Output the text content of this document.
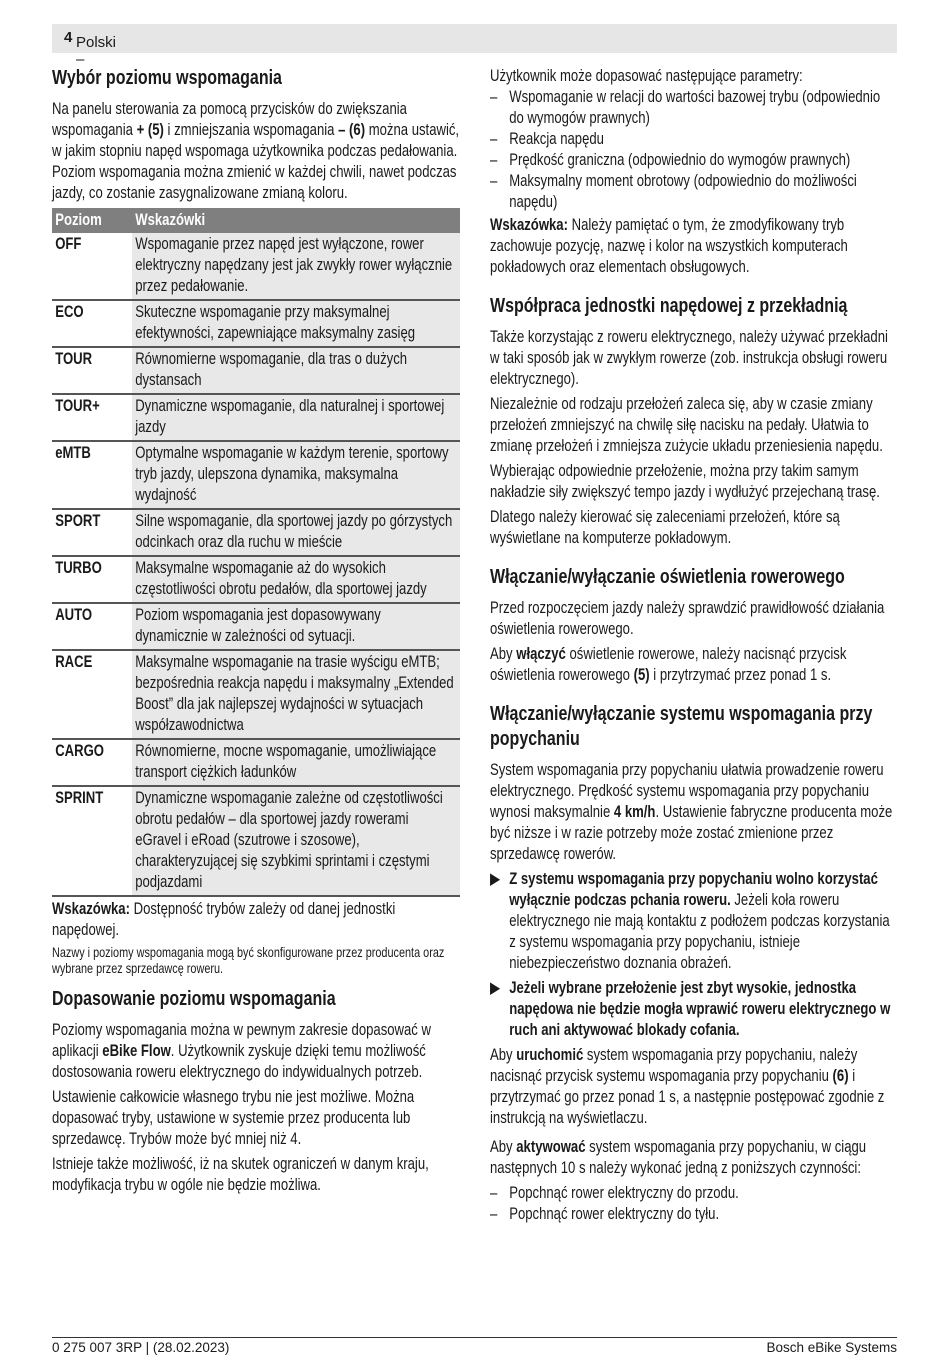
Polski –
4
Wybór poziomu wspomagania

Na panelu sterowania za pomocą przycisków do zwiększania wspomagania + (5) i zmniejszania wspomagania – (6) można ustawić, w jakim stopniu napęd wspomaga użytkownika podczas pedałowania. Poziom wspomagania można zmienić w każdej chwili, nawet podczas jazdy, co zostanie zasygnalizowane zmianą koloru.

Poziom	Wskazówki
OFF	Wspomaganie przez napęd jest wyłączone, rower elektryczny napędzany jest jak zwykły rower wyłącznie przez pedałowanie.
ECO	Skuteczne wspomaganie przy maksymalnej efektywności, zapewniające maksymalny zasięg
TOUR	Równomierne wspomaganie, dla tras o dużych dystansach
TOUR+	Dynamiczne wspomaganie, dla naturalnej i sportowej jazdy
eMTB	Optymalne wspomaganie w każdym terenie, sportowy tryb jazdy, ulepszona dynamika, maksymalna wydajność
SPORT	Silne wspomaganie, dla sportowej jazdy po górzystych odcinkach oraz dla ruchu w mieście
TURBO	Maksymalne wspomaganie aż do wysokich częstotliwości obrotu pedałów, dla sportowej jazdy
AUTO	Poziom wspomagania jest dopasowywany dynamicznie w zależności od sytuacji.
RACE	Maksymalne wspomaganie na trasie wyścigu eMTB; bezpośrednia reakcja napędu i maksymalny „Extended Boost” dla jak najlepszej wydajności w sytuacjach współzawodnictwa
CARGO	Równomierne, mocne wspomaganie, umożliwiające transport ciężkich ładunków
SPRINT	Dynamiczne wspomaganie zależne od częstotliwości obrotu pedałów – dla sportowej jazdy rowerami eGravel i eRoad (szutrowe i szosowe), charakteryzującej się szybkimi sprintami i częstymi podjazdami

Wskazówka: Dostępność trybów zależy od danej jednostki napędowej.

Nazwy i poziomy wspomagania mogą być skonfigurowane przez producenta oraz wybrane przez sprzedawcę roweru.

Dopasowanie poziomu wspomagania

Poziomy wspomagania można w pewnym zakresie dopasować w aplikacji eBike Flow. Użytkownik zyskuje dzięki temu możliwość dostosowania roweru elektrycznego do indywidualnych potrzeb.

Ustawienie całkowicie własnego trybu nie jest możliwe. Można dopasować tryby, ustawione w systemie przez producenta lub sprzedawcę. Trybów może być mniej niż 4.

Istnieje także możliwość, iż na skutek ograniczeń w danym kraju, modyfikacja trybu w ogóle nie będzie możliwa.

Użytkownik może dopasować następujące parametry:

– Wspomaganie w relacji do wartości bazowej trybu (odpowiednio do wymogów prawnych)
– Reakcja napędu
– Prędkość graniczna (odpowiednio do wymogów prawnych)
– Maksymalny moment obrotowy (odpowiednio do możliwości napędu)

Wskazówka: Należy pamiętać o tym, że zmodyfikowany tryb zachowuje pozycję, nazwę i kolor na wszystkich komputerach pokładowych oraz elementach obsługowych.

Współpraca jednostki napędowej z przekładnią

Także korzystając z roweru elektrycznego, należy używać przekładni w taki sposób jak w zwykłym rowerze (zob. instrukcja obsługi roweru elektrycznego).

Niezależnie od rodzaju przełożeń zaleca się, aby w czasie zmiany przełożeń zmniejszyć na chwilę siłę nacisku na pedały. Ułatwia to zmianę przełożeń i zmniejsza zużycie układu przeniesienia napędu.

Wybierając odpowiednie przełożenie, można przy takim samym nakładzie siły zwiększyć tempo jazdy i wydłużyć przejechaną trasę.

Dlatego należy kierować się zaleceniami przełożeń, które są wyświetlane na komputerze pokładowym.

Włączanie/wyłączanie oświetlenia rowerowego

Przed rozpoczęciem jazdy należy sprawdzić prawidłowość działania oświetlenia rowerowego.

Aby włączyć oświetlenie rowerowe, należy nacisnąć przycisk oświetlenia rowerowego (5) i przytrzymać przez ponad 1 s.

Włączanie/wyłączanie systemu wspomagania przy popychaniu

System wspomagania przy popychaniu ułatwia prowadzenie roweru elektrycznego. Prędkość systemu wspomagania przy popychaniu wynosi maksymalnie 4 km/h. Ustawienie fabryczne producenta może być niższe i w razie potrzeby może zostać zmienione przez sprzedawcę rowerów.

▶ Z systemu wspomagania przy popychaniu wolno korzystać wyłącznie podczas pchania roweru. Jeżeli koła roweru elektrycznego nie mają kontaktu z podłożem podczas korzystania z systemu wspomagania przy popychaniu, istnieje niebezpieczeństwo doznania obrażeń.
▶ Jeżeli wybrane przełożenie jest zbyt wysokie, jednostka napędowa nie będzie mogła wprawić roweru elektrycznego w ruch ani aktywować blokady cofania.

Aby uruchomić system wspomagania przy popychaniu, należy nacisnąć przycisk systemu wspomagania przy popychaniu (6) i przytrzymać go przez ponad 1 s, a następnie postępować zgodnie z instrukcją na wyświetlaczu.

Aby aktywować system wspomagania przy popychaniu, w ciągu następnych 10 s należy wykonać jedną z poniższych czynności:

– Popchnąć rower elektryczny do przodu.
– Popchnąć rower elektryczny do tyłu.
0 275 007 3RP | (28.02.2023)	Bosch eBike Systems
